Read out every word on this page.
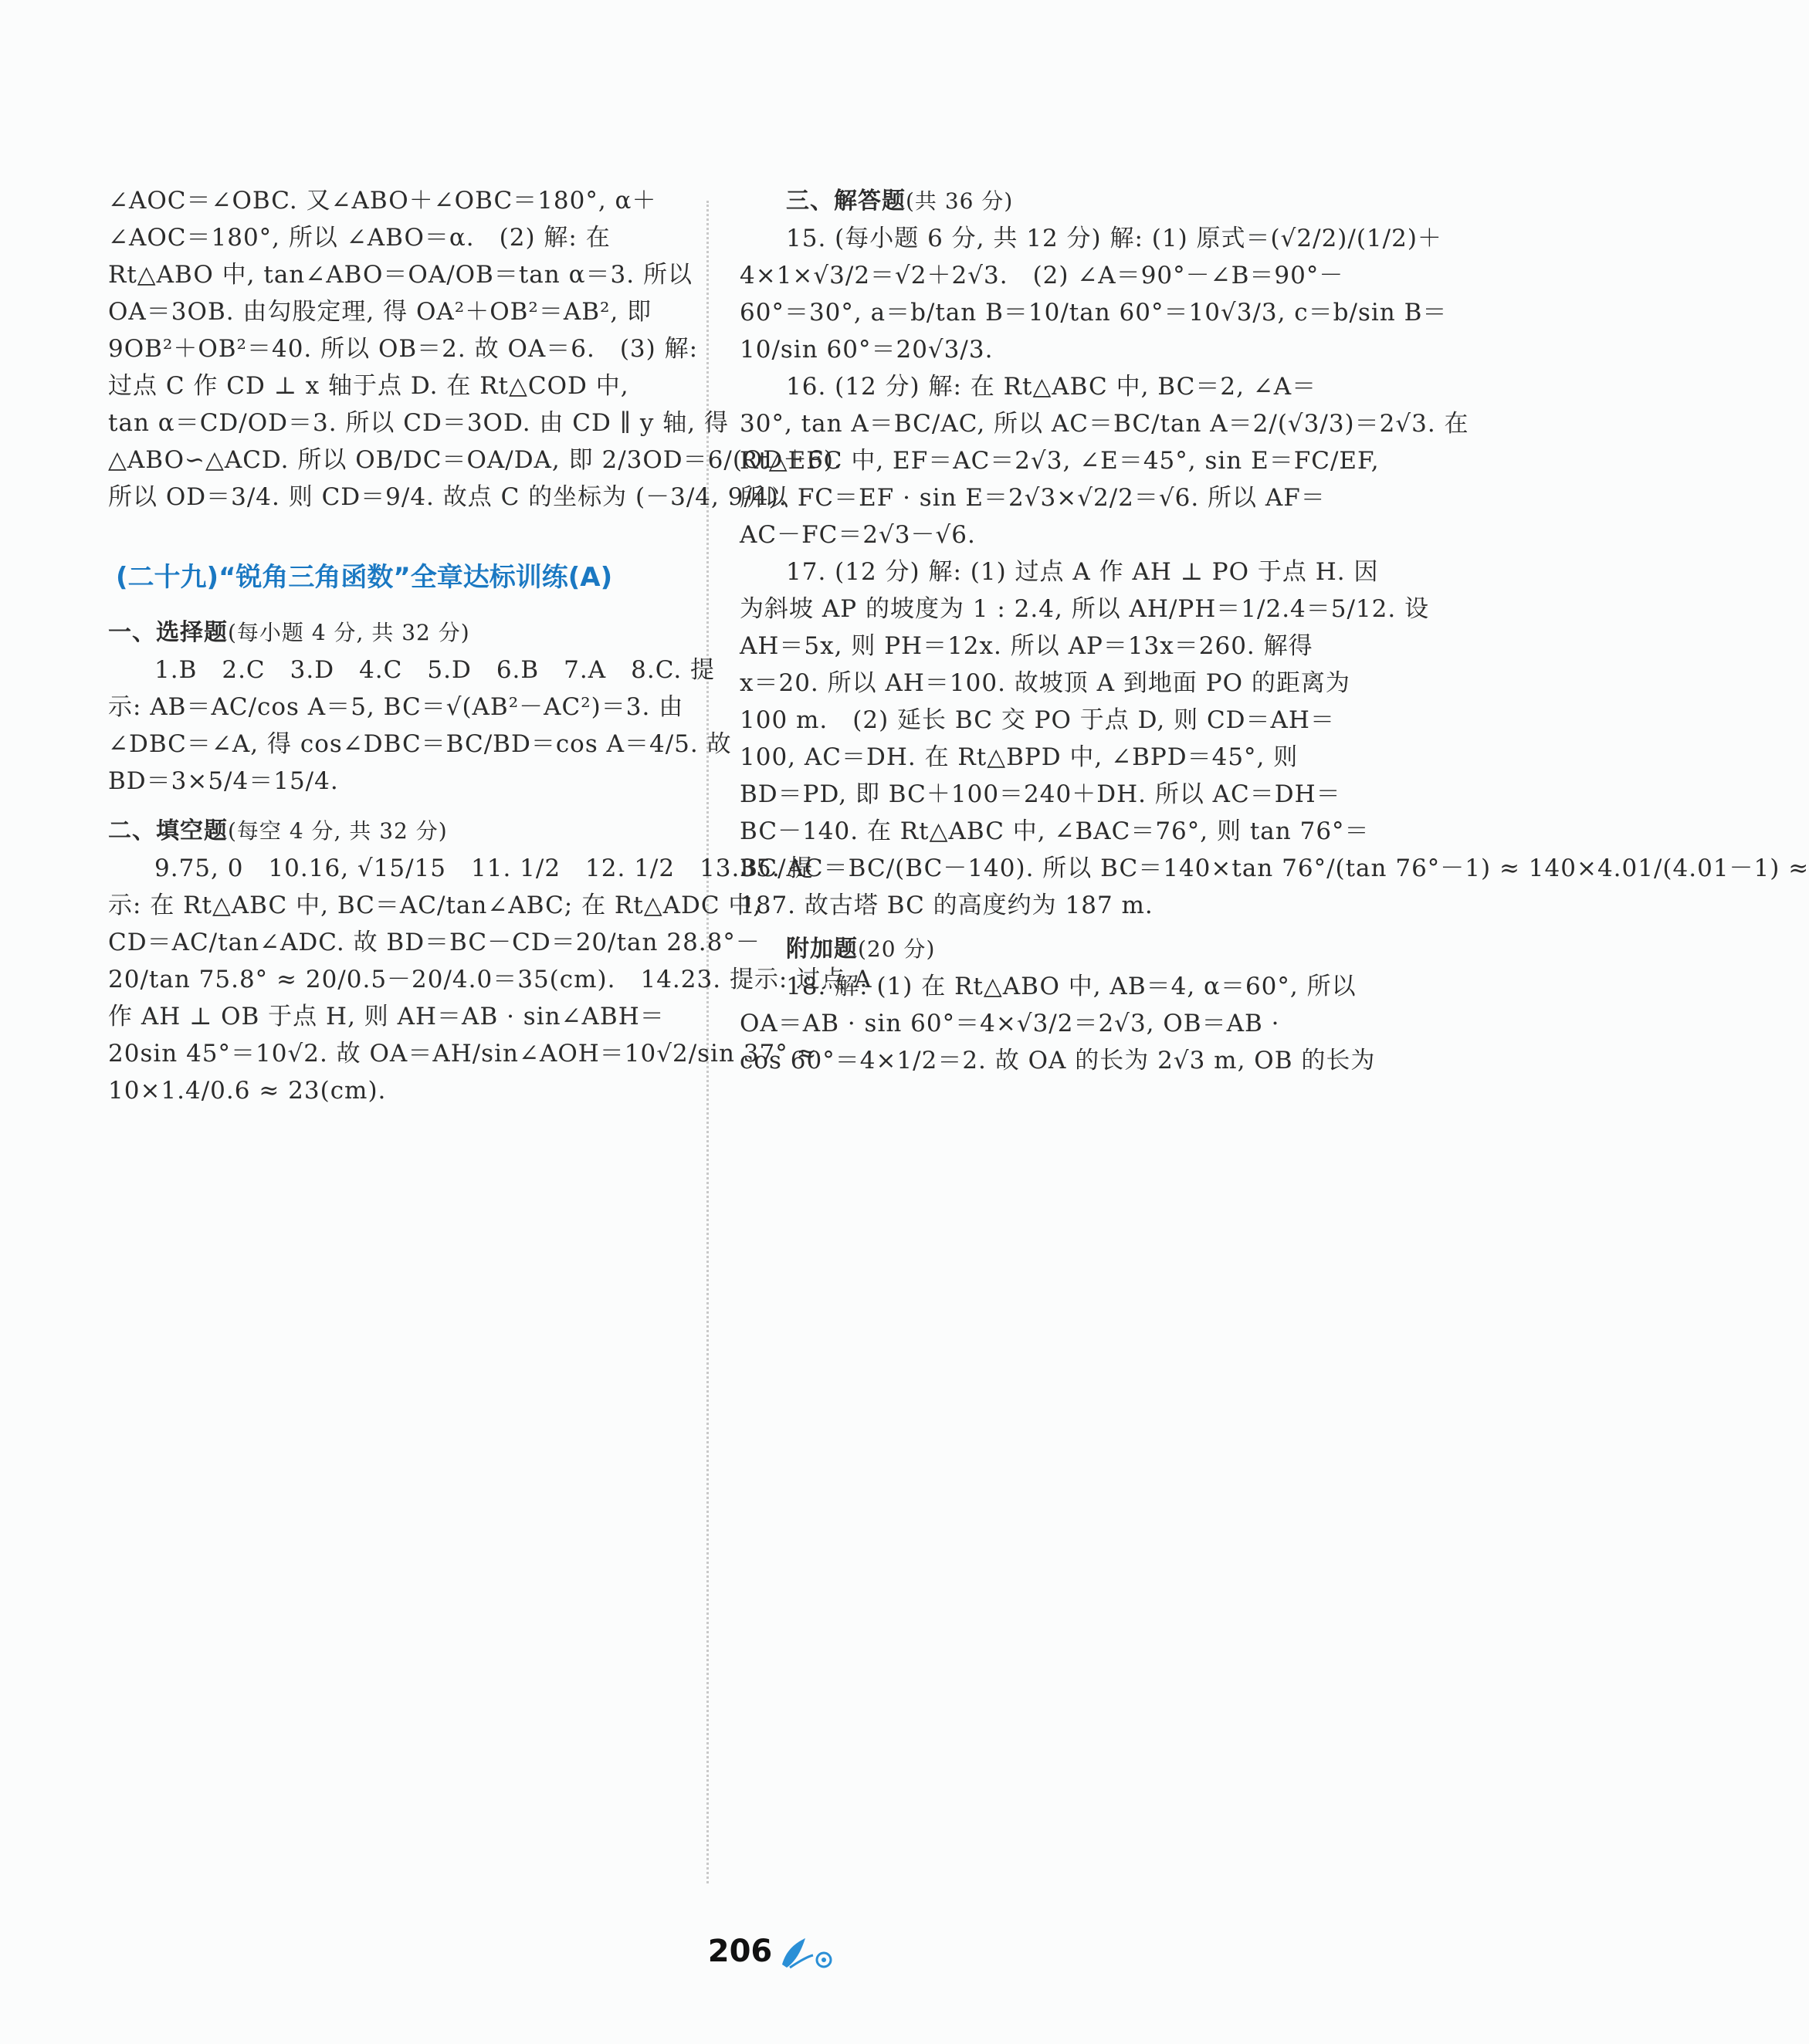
∠AOC＝∠OBC. 又∠ABO＋∠OBC＝180°, α＋
∠AOC＝180°, 所以 ∠ABO＝α.　(2) 解: 在
Rt△ABO 中, tan∠ABO＝OA/OB＝tan α＝3. 所以
OA＝3OB. 由勾股定理, 得 OA²＋OB²＝AB², 即
9OB²＋OB²＝40. 所以 OB＝2. 故 OA＝6.　(3) 解:
过点 C 作 CD ⊥ x 轴于点 D. 在 Rt△COD 中,
tan α＝CD/OD＝3. 所以 CD＝3OD. 由 CD ∥ y 轴, 得
△ABO∽△ACD. 所以 OB/DC＝OA/DA, 即 2/3OD＝6/(OD＋6).
所以 OD＝3/4. 则 CD＝9/4. 故点 C 的坐标为 (－3/4, 9/4).
(二十九)“锐角三角函数”全章达标训练(A)
一、选择题(每小题 4 分, 共 32 分)
1.B　2.C　3.D　4.C　5.D　6.B　7.A　8.C. 提
示: AB＝AC/cos A＝5, BC＝√(AB²－AC²)＝3. 由
∠DBC＝∠A, 得 cos∠DBC＝BC/BD＝cos A＝4/5. 故
BD＝3×5/4＝15/4.
二、填空题(每空 4 分, 共 32 分)
9.75, 0　10.16, √15/15　11. 1/2　12. 1/2　13.35. 提
示: 在 Rt△ABC 中, BC＝AC/tan∠ABC; 在 Rt△ADC 中,
CD＝AC/tan∠ADC. 故 BD＝BC－CD＝20/tan 28.8°－
20/tan 75.8° ≈ 20/0.5－20/4.0＝35(cm).　14.23. 提示: 过点 A
作 AH ⊥ OB 于点 H, 则 AH＝AB · sin∠ABH＝
20sin 45°＝10√2. 故 OA＝AH/sin∠AOH＝10√2/sin 37° ≈
10×1.4/0.6 ≈ 23(cm).
三、解答题(共 36 分)
15. (每小题 6 分, 共 12 分) 解: (1) 原式＝(√2/2)/(1/2)＋
4×1×√3/2＝√2＋2√3.　(2) ∠A＝90°－∠B＝90°－
60°＝30°, a＝b/tan B＝10/tan 60°＝10√3/3, c＝b/sin B＝
10/sin 60°＝20√3/3.
16. (12 分) 解: 在 Rt△ABC 中, BC＝2, ∠A＝
30°, tan A＝BC/AC, 所以 AC＝BC/tan A＝2/(√3/3)＝2√3. 在
Rt△EFC 中, EF＝AC＝2√3, ∠E＝45°, sin E＝FC/EF,
所以 FC＝EF · sin E＝2√3×√2/2＝√6. 所以 AF＝
AC－FC＝2√3－√6.
17. (12 分) 解: (1) 过点 A 作 AH ⊥ PO 于点 H. 因
为斜坡 AP 的坡度为 1 : 2.4, 所以 AH/PH＝1/2.4＝5/12. 设
AH＝5x, 则 PH＝12x. 所以 AP＝13x＝260. 解得
x＝20. 所以 AH＝100. 故坡顶 A 到地面 PO 的距离为
100 m.　(2) 延长 BC 交 PO 于点 D, 则 CD＝AH＝
100, AC＝DH. 在 Rt△BPD 中, ∠BPD＝45°, 则
BD＝PD, 即 BC＋100＝240＋DH. 所以 AC＝DH＝
BC－140. 在 Rt△ABC 中, ∠BAC＝76°, 则 tan 76°＝
BC/AC＝BC/(BC－140). 所以 BC＝140×tan 76°/(tan 76°－1) ≈ 140×4.01/(4.01－1) ≈
187. 故古塔 BC 的高度约为 187 m.
附加题(20 分)
18. 解: (1) 在 Rt△ABO 中, AB＝4, α＝60°, 所以
OA＝AB · sin 60°＝4×√3/2＝2√3, OB＝AB ·
cos 60°＝4×1/2＝2. 故 OA 的长为 2√3 m, OB 的长为
206
